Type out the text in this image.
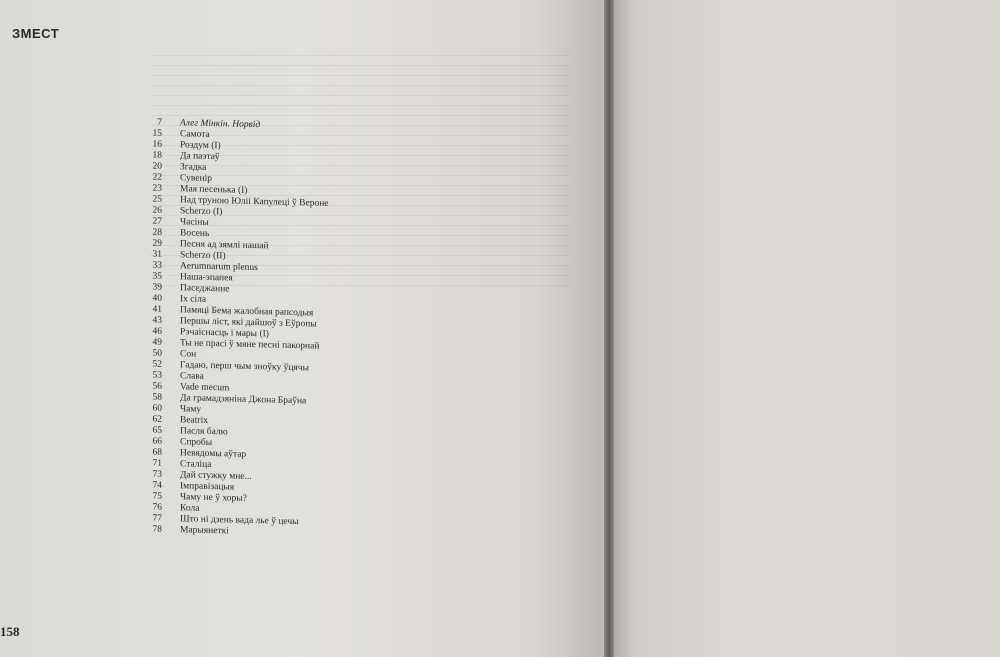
ЗМЕСТ
7 Алег Мінкін. Норвід
15 Самота
16 Роздум (І)
18 Да паэтаў
20 Згадка
22 Сувенір
23 Мая песенька (І)
25 Над труною Юліі Капулеці ў Вероне
26 Scherzo (I)
27 Часіны
28 Восень
29 Песня ад зямлі нашай
31 Scherzo (II)
33 Aerumnarum plenus
35 Наша-эпапея
39 Паседжанне
40 Іх сіла
41 Памяці Бема жалобная рапсодыя
43 Першы ліст, які дайшоў з Еўропы
46 Рэчаіснасць і мары (І)
49 Ты не прасі ў мяне песні пакорнай
50 Сон
52 Гадаю, перш чым зноўку ўцячы
53 Слава
56 Vade mecum
58 Да грамадзяніна Джона Браўна
60 Чаму
62 Beatrix
65 Пасля балю
66 Спробы
68 Невядомы аўтар
71 Сталіца
73 Дай стужку мне...
74 Імправізацыя
75 Чаму не ў хоры?
76 Кола
77 Што ні дзень вада лье ў цечы
78 Марыянеткі
158
